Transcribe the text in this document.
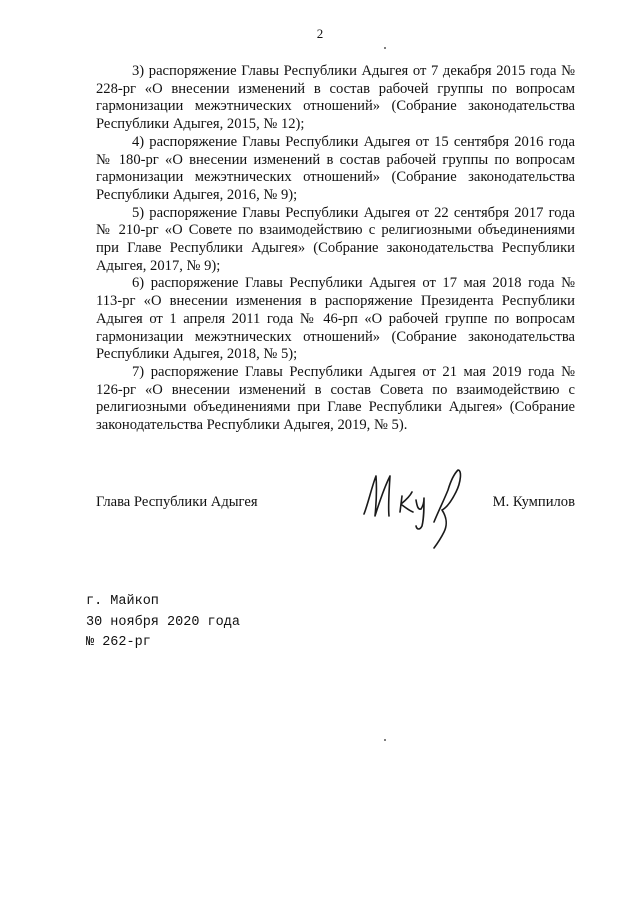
2

3) распоряжение Главы Республики Адыгея от 7 декабря 2015 года № 228-рг «О внесении изменений в состав рабочей группы по вопросам гармонизации межэтнических отношений» (Собрание законодательства Республики Адыгея, 2015, № 12);

4) распоряжение Главы Республики Адыгея от 15 сентября 2016 года № 180-рг «О внесении изменений в состав рабочей группы по вопросам гармонизации межэтнических отношений» (Собрание законодательства Республики Адыгея, 2016, № 9);

5) распоряжение Главы Республики Адыгея от 22 сентября 2017 года № 210-рг «О Совете по взаимодействию с религиозными объединениями при Главе Республики Адыгея» (Собрание законодательства Республики Адыгея, 2017, № 9);

6) распоряжение Главы Республики Адыгея от 17 мая 2018 года № 113-рг «О внесении изменения в распоряжение Президента Республики Адыгея от 1 апреля 2011 года № 46-рп «О рабочей группе по вопросам гармонизации межэтнических отношений» (Собрание законодательства Республики Адыгея, 2018, № 5);

7) распоряжение Главы Республики Адыгея от 21 мая 2019 года № 126-рг «О внесении изменений в состав Совета по взаимодействию с религиозными объединениями при Главе Республики Адыгея» (Собрание законодательства Республики Адыгея, 2019, № 5).

Глава Республики Адыгея	М. Кумпилов
г. Майкоп
30 ноября 2020 года
№ 262-рг
